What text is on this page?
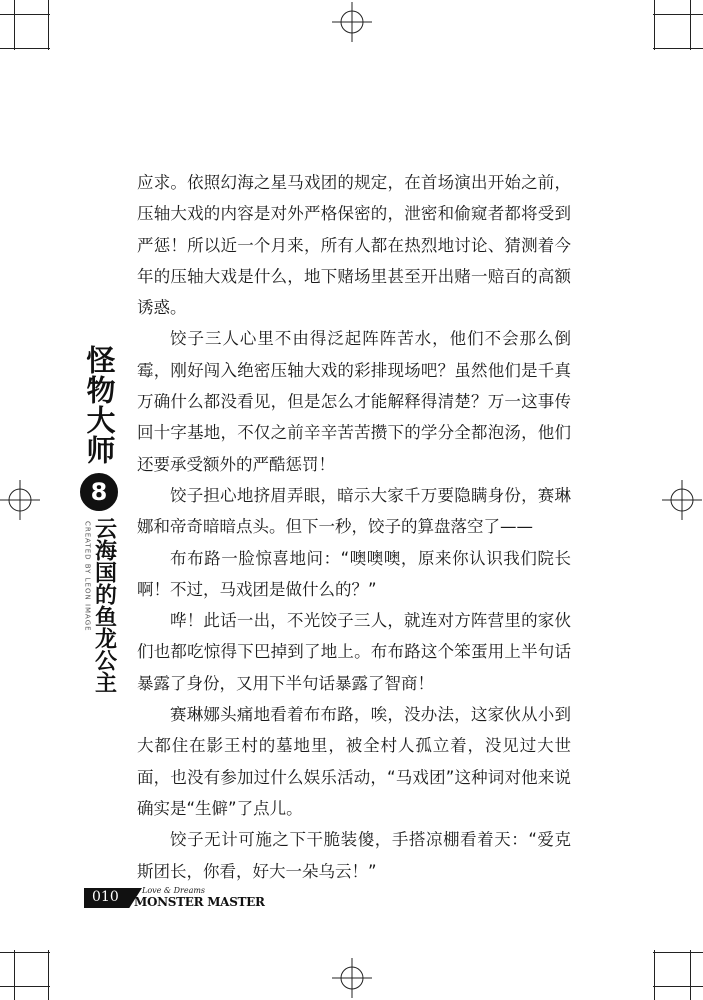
怪物大师
8
云海国的鱼龙公主
CREATED BY LEON IMAGE

应求。依照幻海之星马戏团的规定，在首场演出开始之前，压轴大戏的内容是对外严格保密的，泄密和偷窥者都将受到严惩！所以近一个月来，所有人都在热烈地讨论、猜测着今年的压轴大戏是什么，地下赌场里甚至开出赌一赔百的高额诱惑。

饺子三人心里不由得泛起阵阵苦水，他们不会那么倒霉，刚好闯入绝密压轴大戏的彩排现场吧？虽然他们是千真万确什么都没看见，但是怎么才能解释得清楚？万一这事传回十字基地，不仅之前辛辛苦苦攒下的学分全都泡汤，他们还要承受额外的严酷惩罚！

饺子担心地挤眉弄眼，暗示大家千万要隐瞒身份，赛琳娜和帝奇暗暗点头。但下一秒，饺子的算盘落空了——

布布路一脸惊喜地问：“噢噢噢，原来你认识我们院长啊！不过，马戏团是做什么的？”

哗！此话一出，不光饺子三人，就连对方阵营里的家伙们也都吃惊得下巴掉到了地上。布布路这个笨蛋用上半句话暴露了身份，又用下半句话暴露了智商！

赛琳娜头痛地看着布布路，唉，没办法，这家伙从小到大都住在影王村的墓地里，被全村人孤立着，没见过大世面，也没有参加过什么娱乐活动，“马戏团”这种词对他来说确实是“生僻”了点儿。

饺子无计可施之下干脆装傻，手搭凉棚看着天：“爱克斯团长，你看，好大一朵乌云！”

010	Love & Dreams
MONSTER MASTER
